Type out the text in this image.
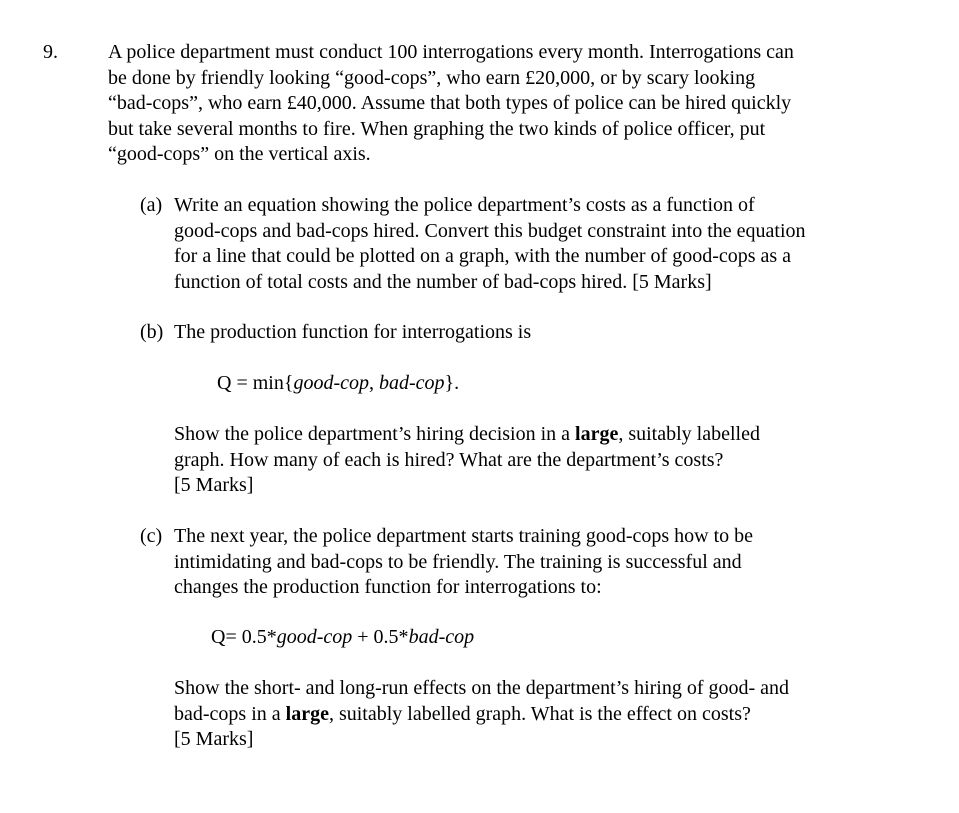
9.	A police department must conduct 100 interrogations every month. Interrogations can
be done by friendly looking “good-cops”, who earn £20,000, or by scary looking
“bad-cops”, who earn £40,000. Assume that both types of police can be hired quickly
but take several months to fire. When graphing the two kinds of police officer, put
“good-cops” on the vertical axis.
(a) Write an equation showing the police department’s costs as a function of
good-cops and bad-cops hired. Convert this budget constraint into the equation
for a line that could be plotted on a graph, with the number of good-cops as a
function of total costs and the number of bad-cops hired. [5 Marks]
(b) The production function for interrogations is
Q = min{good-cop, bad-cop}.
Show the police department’s hiring decision in a large, suitably labelled
graph. How many of each is hired? What are the department’s costs?
[5 Marks]
(c) The next year, the police department starts training good-cops how to be
intimidating and bad-cops to be friendly. The training is successful and
changes the production function for interrogations to:
Q= 0.5*good-cop + 0.5*bad-cop
Show the short- and long-run effects on the department’s hiring of good- and
bad-cops in a large, suitably labelled graph. What is the effect on costs?
[5 Marks]
